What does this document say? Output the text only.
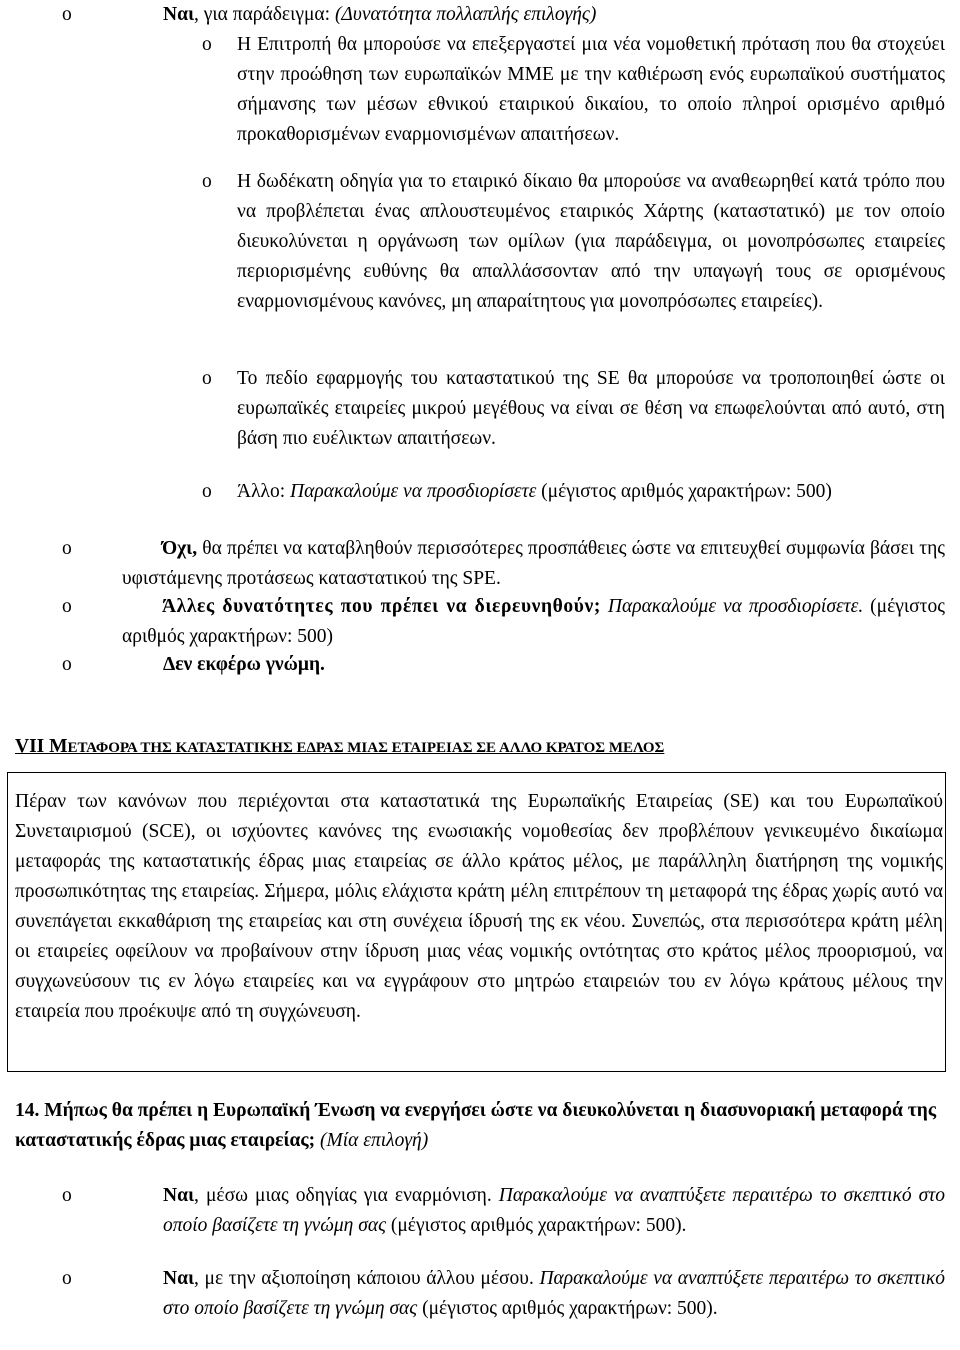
o	Ναι, για παράδειγμα: (Δυνατότητα πολλαπλής επιλογής)
o Η Επιτροπή θα μπορούσε να επεξεργαστεί μια νέα νομοθετική πρόταση που θα στοχεύει στην προώθηση των ευρωπαϊκών ΜΜΕ με την καθιέρωση ενός ευρωπαϊκού συστήματος σήμανσης των μέσων εθνικού εταιρικού δικαίου, το οποίο πληροί ορισμένο αριθμό προκαθορισμένων εναρμονισμένων απαιτήσεων.
o Η δωδέκατη οδηγία για το εταιρικό δίκαιο θα μπορούσε να αναθεωρηθεί κατά τρόπο που να προβλέπεται ένας απλουστευμένος εταιρικός Χάρτης (καταστατικό) με τον οποίο διευκολύνεται η οργάνωση των ομίλων (για παράδειγμα, οι μονοπρόσωπες εταιρείες περιορισμένης ευθύνης θα απαλλάσσονταν από την υπαγωγή τους σε ορισμένους εναρμονισμένους κανόνες, μη απαραίτητους για μονοπρόσωπες εταιρείες).
o Το πεδίο εφαρμογής του καταστατικού της SE θα μπορούσε να τροποποιηθεί ώστε οι ευρωπαϊκές εταιρείες μικρού μεγέθους να είναι σε θέση να επωφελούνται από αυτό, στη βάση πιο ευέλικτων απαιτήσεων.
o Άλλο: Παρακαλούμε να προσδιορίσετε (μέγιστος αριθμός χαρακτήρων: 500)
o	Όχι, θα πρέπει να καταβληθούν περισσότερες προσπάθειες ώστε να επιτευχθεί συμφωνία βάσει της υφιστάμενης προτάσεως καταστατικού της SPE.
o	Άλλες δυνατότητες που πρέπει να διερευνηθούν; Παρακαλούμε να προσδιορίσετε. (μέγιστος αριθμός χαρακτήρων: 500)
o	Δεν εκφέρω γνώμη.
VII ΜΕΤΑΦΟΡΑ ΤΗΣ ΚΑΤΑΣΤΑΤΙΚΗΣ ΕΔΡΑΣ ΜΙΑΣ ΕΤΑΙΡΕΙΑΣ ΣΕ ΑΛΛΟ ΚΡΑΤΟΣ ΜΕΛΟΣ
Πέραν των κανόνων που περιέχονται στα καταστατικά της Ευρωπαϊκής Εταιρείας (SE) και του Ευρωπαϊκού Συνεταιρισμού (SCE), οι ισχύοντες κανόνες της ενωσιακής νομοθεσίας δεν προβλέπουν γενικευμένο δικαίωμα μεταφοράς της καταστατικής έδρας μιας εταιρείας σε άλλο κράτος μέλος, με παράλληλη διατήρηση της νομικής προσωπικότητας της εταιρείας. Σήμερα, μόλις ελάχιστα κράτη μέλη επιτρέπουν τη μεταφορά της έδρας χωρίς αυτό να συνεπάγεται εκκαθάριση της εταιρείας και στη συνέχεια ίδρυσή της εκ νέου. Συνεπώς, στα περισσότερα κράτη μέλη οι εταιρείες οφείλουν να προβαίνουν στην ίδρυση μιας νέας νομικής οντότητας στο κράτος μέλος προορισμού, να συγχωνεύσουν τις εν λόγω εταιρείες και να εγγράφουν στο μητρώο εταιρειών του εν λόγω κράτους μέλους την εταιρεία που προέκυψε από τη συγχώνευση.
14. Μήπως θα πρέπει η Ευρωπαϊκή Ένωση να ενεργήσει ώστε να διευκολύνεται η διασυνοριακή μεταφορά της καταστατικής έδρας μιας εταιρείας; (Μία επιλογή)
o	Ναι, μέσω μιας οδηγίας για εναρμόνιση. Παρακαλούμε να αναπτύξετε περαιτέρω το σκεπτικό στο οποίο βασίζετε τη γνώμη σας (μέγιστος αριθμός χαρακτήρων: 500).
o	Ναι, με την αξιοποίηση κάποιου άλλου μέσου. Παρακαλούμε να αναπτύξετε περαιτέρω το σκεπτικό στο οποίο βασίζετε τη γνώμη σας (μέγιστος αριθμός χαρακτήρων: 500).
